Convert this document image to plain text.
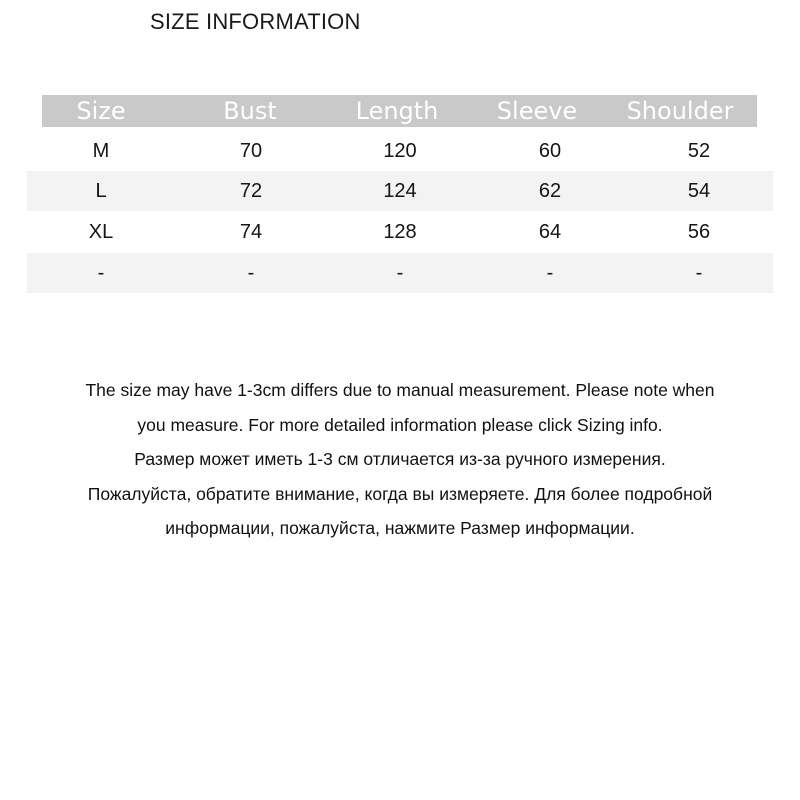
SIZE INFORMATION
Size	Bust	Length	Sleeve	Shoulder
M	70	120	60	52
L	72	124	62	54
XL	74	128	64	56
-	-	-	-	-
The size may have 1-3cm differs due to manual measurement. Please note when
you measure. For more detailed information please click Sizing info.
Размер может иметь 1-3 см отличается из-за ручного измерения.
Пожалуйста, обратите внимание, когда вы измеряете. Для более подробной
информации, пожалуйста, нажмите Размер информации.
